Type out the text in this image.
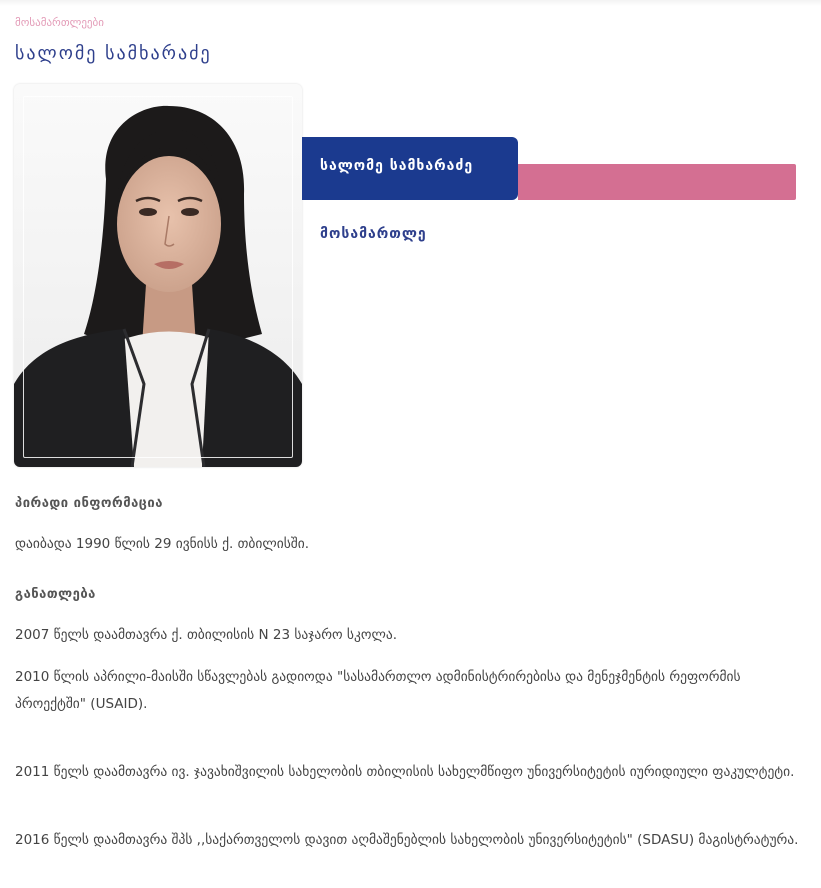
მოსამართლეები
სალომე სამხარაძე
სალომე სამხარაძე
მოსამართლე
პირადი ინფორმაცია
დაიბადა 1990 წლის 29 ივნისს ქ. თბილისში.
განათლება
2007 წელს დაამთავრა ქ. თბილისის N 23 საჯარო სკოლა.
2010 წლის აპრილი-მაისში სწავლებას გადიოდა "სასამართლო ადმინისტრირებისა და მენეჯმენტის რეფორმის პროექტში" (USAID).
2011 წელს დაამთავრა ივ. ჯავახიშვილის სახელობის თბილისის სახელმწიფო უნივერსიტეტის იურიდიული ფაკულტეტი.
2016 წელს დაამთავრა შპს ,,საქართველოს დავით აღმაშენებლის სახელობის უნივერსიტეტის" (SDASU) მაგისტრატურა.
